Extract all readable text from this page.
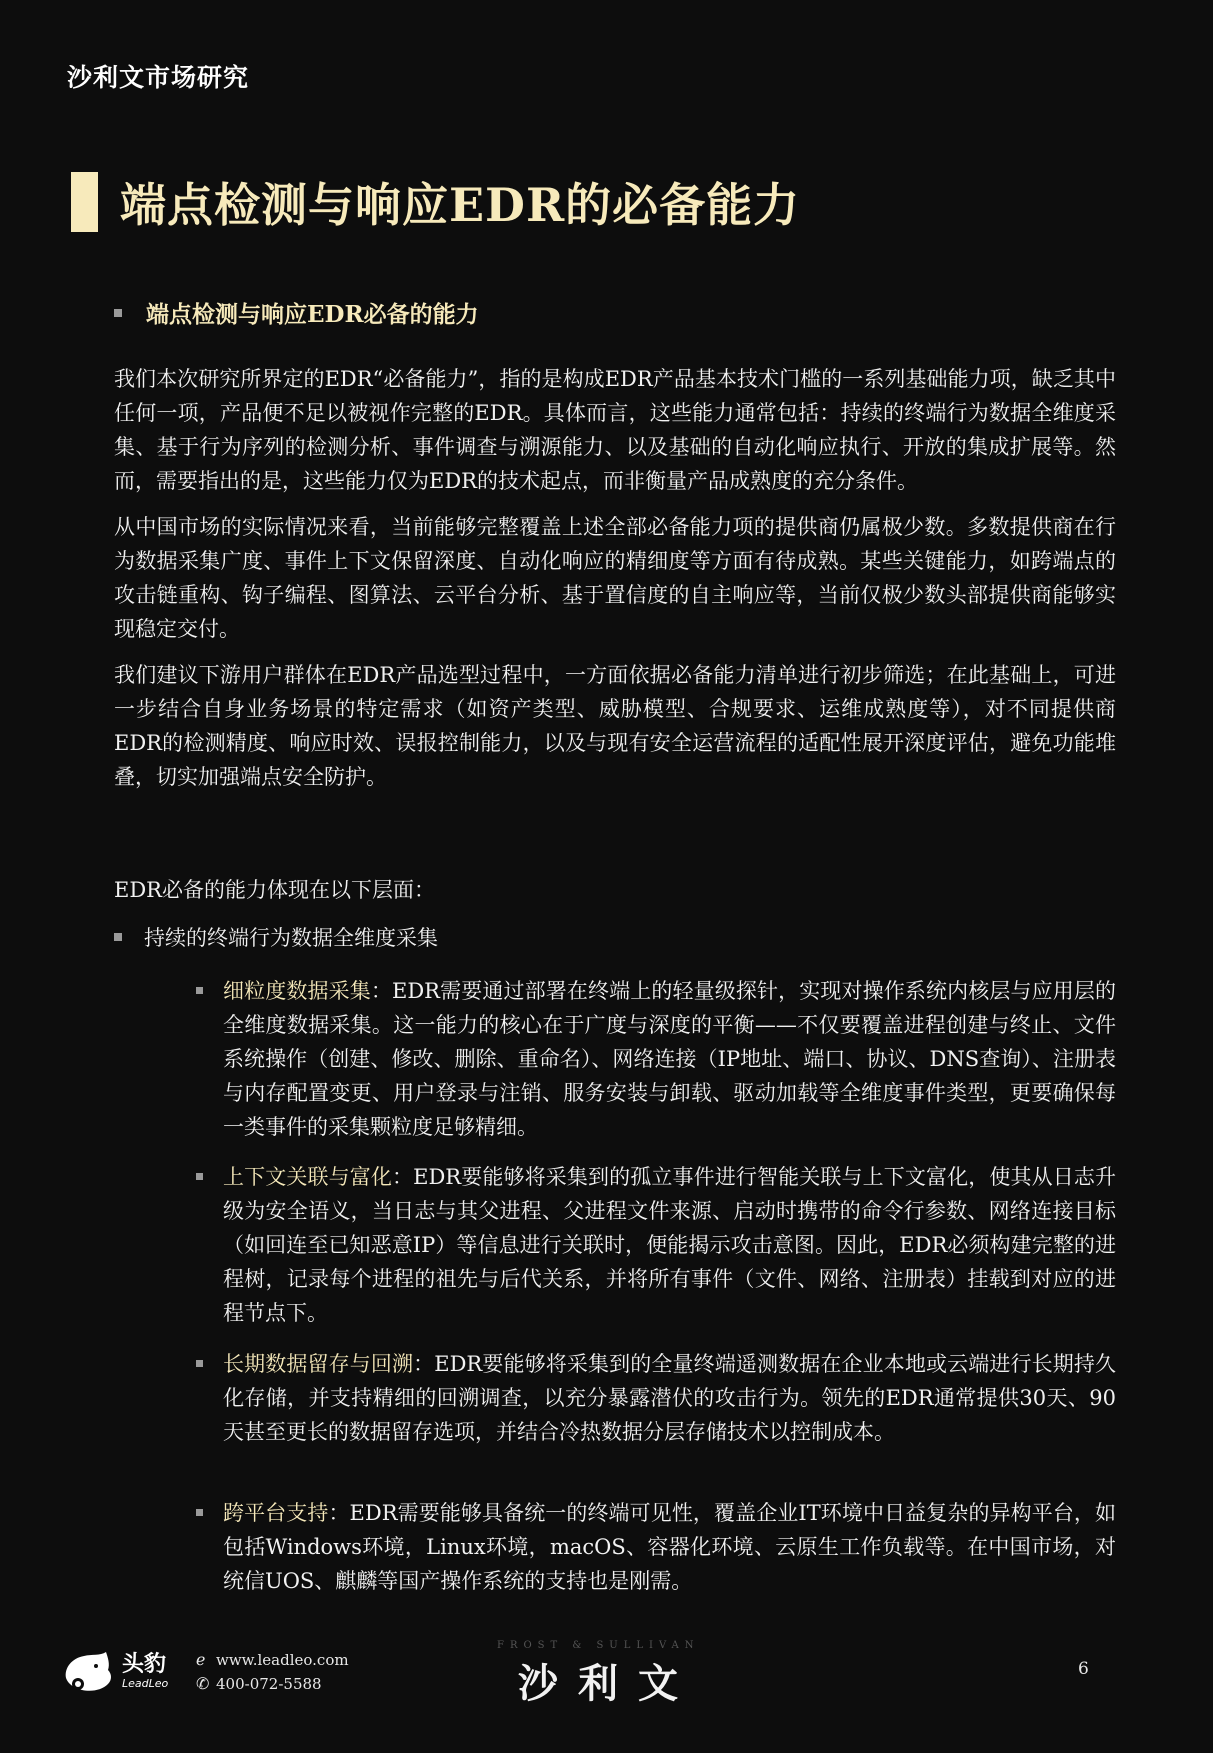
沙利文市场研究
端点检测与响应EDR的必备能力
端点检测与响应EDR必备的能力

我们本次研究所界定的EDR“必备能力”，指的是构成EDR产品基本技术门槛的一系列基础能力项，缺乏其中任何一项，产品便不足以被视作完整的EDR。具体而言，这些能力通常包括：持续的终端行为数据全维度采集、基于行为序列的检测分析、事件调查与溯源能力、以及基础的自动化响应执行、开放的集成扩展等。然而，需要指出的是，这些能力仅为EDR的技术起点，而非衡量产品成熟度的充分条件。

从中国市场的实际情况来看，当前能够完整覆盖上述全部必备能力项的提供商仍属极少数。多数提供商在行为数据采集广度、事件上下文保留深度、自动化响应的精细度等方面有待成熟。某些关键能力，如跨端点的攻击链重构、钩子编程、图算法、云平台分析、基于置信度的自主响应等，当前仅极少数头部提供商能够实现稳定交付。

我们建议下游用户群体在EDR产品选型过程中，一方面依据必备能力清单进行初步筛选；在此基础上，可进一步结合自身业务场景的特定需求（如资产类型、威胁模型、合规要求、运维成熟度等），对不同提供商EDR的检测精度、响应时效、误报控制能力，以及与现有安全运营流程的适配性展开深度评估，避免功能堆叠，切实加强端点安全防护。

EDR必备的能力体现在以下层面：
持续的终端行为数据全维度采集
细粒度数据采集：EDR需要通过部署在终端上的轻量级探针，实现对操作系统内核层与应用层的全维度数据采集。这一能力的核心在于广度与深度的平衡——不仅要覆盖进程创建与终止、文件系统操作（创建、修改、删除、重命名）、网络连接（IP地址、端口、协议、DNS查询）、注册表与内存配置变更、用户登录与注销、服务安装与卸载、驱动加载等全维度事件类型，更要确保每一类事件的采集颗粒度足够精细。
上下文关联与富化：EDR要能够将采集到的孤立事件进行智能关联与上下文富化，使其从日志升级为安全语义，当日志与其父进程、父进程文件来源、启动时携带的命令行参数、网络连接目标（如回连至已知恶意IP）等信息进行关联时，便能揭示攻击意图。因此，EDR必须构建完整的进程树，记录每个进程的祖先与后代关系，并将所有事件（文件、网络、注册表）挂载到对应的进程节点下。
长期数据留存与回溯：EDR要能够将采集到的全量终端遥测数据在企业本地或云端进行长期持久化存储，并支持精细的回溯调查，以充分暴露潜伏的攻击行为。领先的EDR通常提供30天、90天甚至更长的数据留存选项，并结合冷热数据分层存储技术以控制成本。
跨平台支持：EDR需要能够具备统一的终端可见性，覆盖企业IT环境中日益复杂的异构平台，如包括Windows环境，Linux环境，macOS、容器化环境、云原生工作负载等。在中国市场，对统信UOS、麒麟等国产操作系统的支持也是刚需。
头豹
LeadLeo
ℯ www.leadleo.com
✆ 400-072-5588
FROST & SULLIVAN
沙利文	6
